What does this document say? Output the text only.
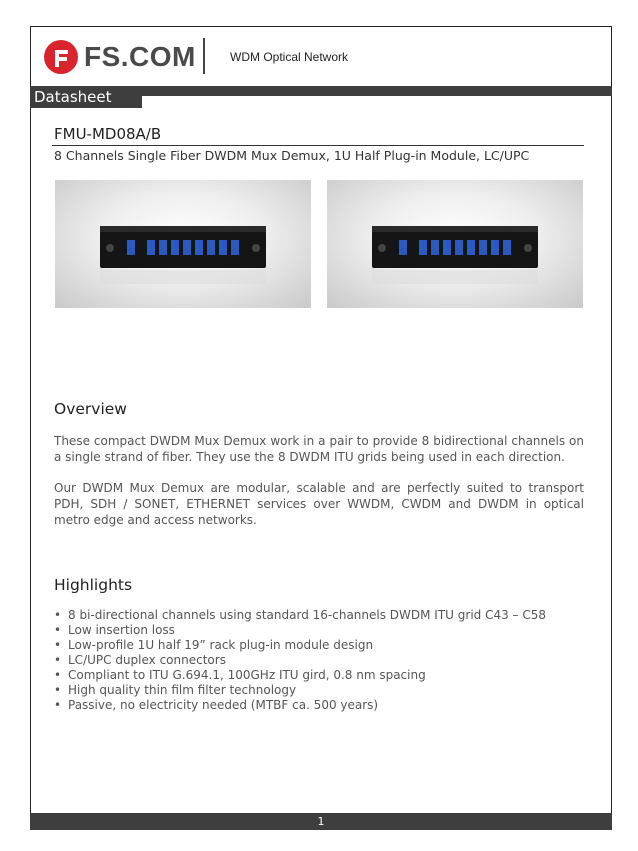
FS.COM	WDM Optical Network
Datasheet
FMU-MD08A/B
8 Channels Single Fiber DWDM Mux Demux, 1U Half Plug-in Module, LC/UPC
Overview
These compact DWDM Mux Demux work in a pair to provide 8 bidirectional channels on a single strand of fiber. They use the 8 DWDM ITU grids being used in each direction.
Our DWDM Mux Demux are modular, scalable and are perfectly suited to transport PDH, SDH / SONET, ETHERNET services over WWDM, CWDM and DWDM in optical metro edge and access networks.
Highlights
• 8 bi-directional channels using standard 16-channels DWDM ITU grid C43 – C58
• Low insertion loss
• Low-profile 1U half 19” rack plug-in module design
• LC/UPC duplex connectors
• Compliant to ITU G.694.1, 100GHz ITU gird, 0.8 nm spacing
• High quality thin film filter technology
• Passive, no electricity needed (MTBF ca. 500 years)
1
